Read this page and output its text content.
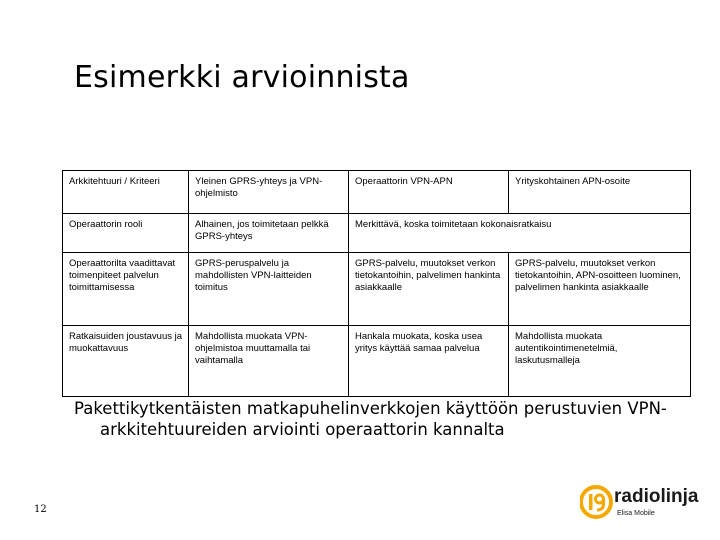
Esimerkki arvioinnista
Arkkitehtuuri / Kriteeri	Yleinen GPRS-yhteys ja VPN-ohjelmisto	Operaattorin VPN-APN	Yrityskohtainen APN-osoite
Operaattorin rooli	Alhainen, jos toimitetaan pelkkä GPRS-yhteys	Merkittävä, koska toimitetaan kokonaisratkaisu	
Operaattorilta vaadittavat toimenpiteet palvelun toimittamisessa	GPRS-peruspalvelu ja mahdollisten VPN-laitteiden toimitus	GPRS-palvelu, muutokset verkon tietokantoihin, palvelimen hankinta asiakkaalle	GPRS-palvelu, muutokset verkon tietokantoihin, APN-osoitteen luominen, palvelimen hankinta asiakkaalle
Ratkaisuiden joustavuus ja muokattavuus	Mahdollista muokata VPN-ohjelmistoa muuttamalla tai vaihtamalla	Hankala muokata, koska usea yritys käyttää samaa palvelua	Mahdollista muokata autentikointimenetelmiä, laskutusmalleja
Pakettikytkentäisten matkapuhelinverkkojen käyttöön perustuvien VPN-arkkitehtuureiden arviointi operaattorin kannalta
12
radiolinja
Elisa Mobile
